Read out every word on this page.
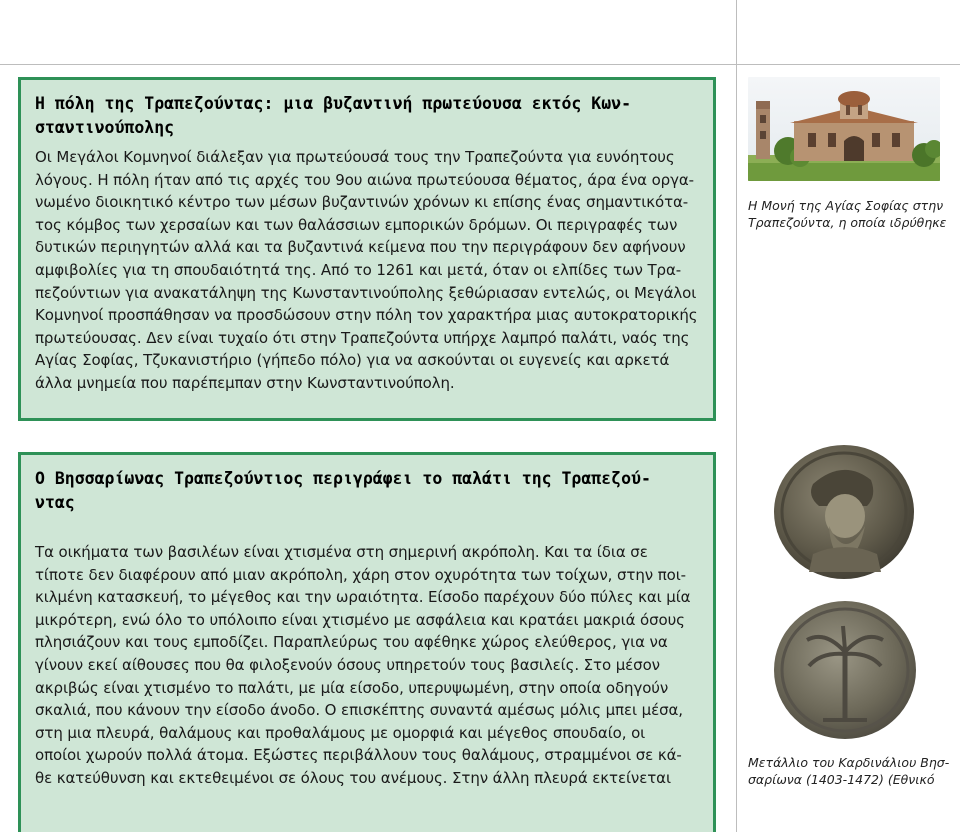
Η πόλη της Τραπεζούντας: μια βυζαντινή πρωτεύουσα εκτός Κων-
σταντινούπολης

Οι Μεγάλοι Κομνηνοί διάλεξαν για πρωτεύουσά τους την Τραπεζούντα για ευνόητους
λόγους. Η πόλη ήταν από τις αρχές του 9ου αιώνα πρωτεύουσα θέματος, άρα ένα οργα-
νωμένο διοικητικό κέντρο των μέσων βυζαντινών χρόνων κι επίσης ένας σημαντικότα-
τος κόμβος των χερσαίων και των θαλάσσιων εμπορικών δρόμων. Οι περιγραφές των
δυτικών περιηγητών αλλά και τα βυζαντινά κείμενα που την περιγράφουν δεν αφήνουν
αμφιβολίες για τη σπουδαιότητά της. Από το 1261 και μετά, όταν οι ελπίδες των Τρα-
πεζούντιων για ανακατάληψη της Κωνσταντινούπολης ξεθώριασαν εντελώς, οι Μεγάλοι
Κομνηνοί προσπάθησαν να προσδώσουν στην πόλη τον χαρακτήρα μιας αυτοκρατορικής
πρωτεύουσας. Δεν είναι τυχαίο ότι στην Τραπεζούντα υπήρχε λαμπρό παλάτι, ναός της
Αγίας Σοφίας, Τζυκανιστήριο (γήπεδο πόλο) για να ασκούνται οι ευγενείς και αρκετά
άλλα μνημεία που παρέπεμπαν στην Κωνσταντινούπολη.

Ο Βησσαρίωνας Τραπεζούντιος περιγράφει το παλάτι της Τραπεζού-
ντας

Τα οικήματα των βασιλέων είναι χτισμένα στη σημερινή ακρόπολη. Και τα ίδια σε
τίποτε δεν διαφέρουν από μιαν ακρόπολη, χάρη στον οχυρότητα των τοίχων, στην ποι-
κιλμένη κατασκευή, το μέγεθος και την ωραιότητα. Είσοδο παρέχουν δύο πύλες και μία
μικρότερη, ενώ όλο το υπόλοιπο είναι χτισμένο με ασφάλεια και κρατάει μακριά όσους
πλησιάζουν και τους εμποδίζει. Παραπλεύρως του αφέθηκε χώρος ελεύθερος, για να
γίνουν εκεί αίθουσες που θα φιλοξενούν όσους υπηρετούν τους βασιλείς. Στο μέσον
ακριβώς είναι χτισμένο το παλάτι, με μία είσοδο, υπερυψωμένη, στην οποία οδηγούν
σκαλιά, που κάνουν την είσοδο άνοδο. Ο επισκέπτης συναντά αμέσως μόλις μπει μέσα,
στη μια πλευρά, θαλάμους και προθαλάμους με ομορφιά και μέγεθος σπουδαίο, οι
οποίοι χωρούν πολλά άτομα. Εξώστες περιβάλλουν τους θαλάμους, στραμμένοι σε κά-
θε κατεύθυνση και εκτεθειμένοι σε όλους του ανέμους. Στην άλλη πλευρά εκτείνεται

Η Μονή της Αγίας Σοφίας στην
Τραπεζούντα, η οποία ιδρύθηκε
Μετάλλιο του Καρδινάλιου Βησ-
σαρίωνα (1403-1472) (Εθνικό
